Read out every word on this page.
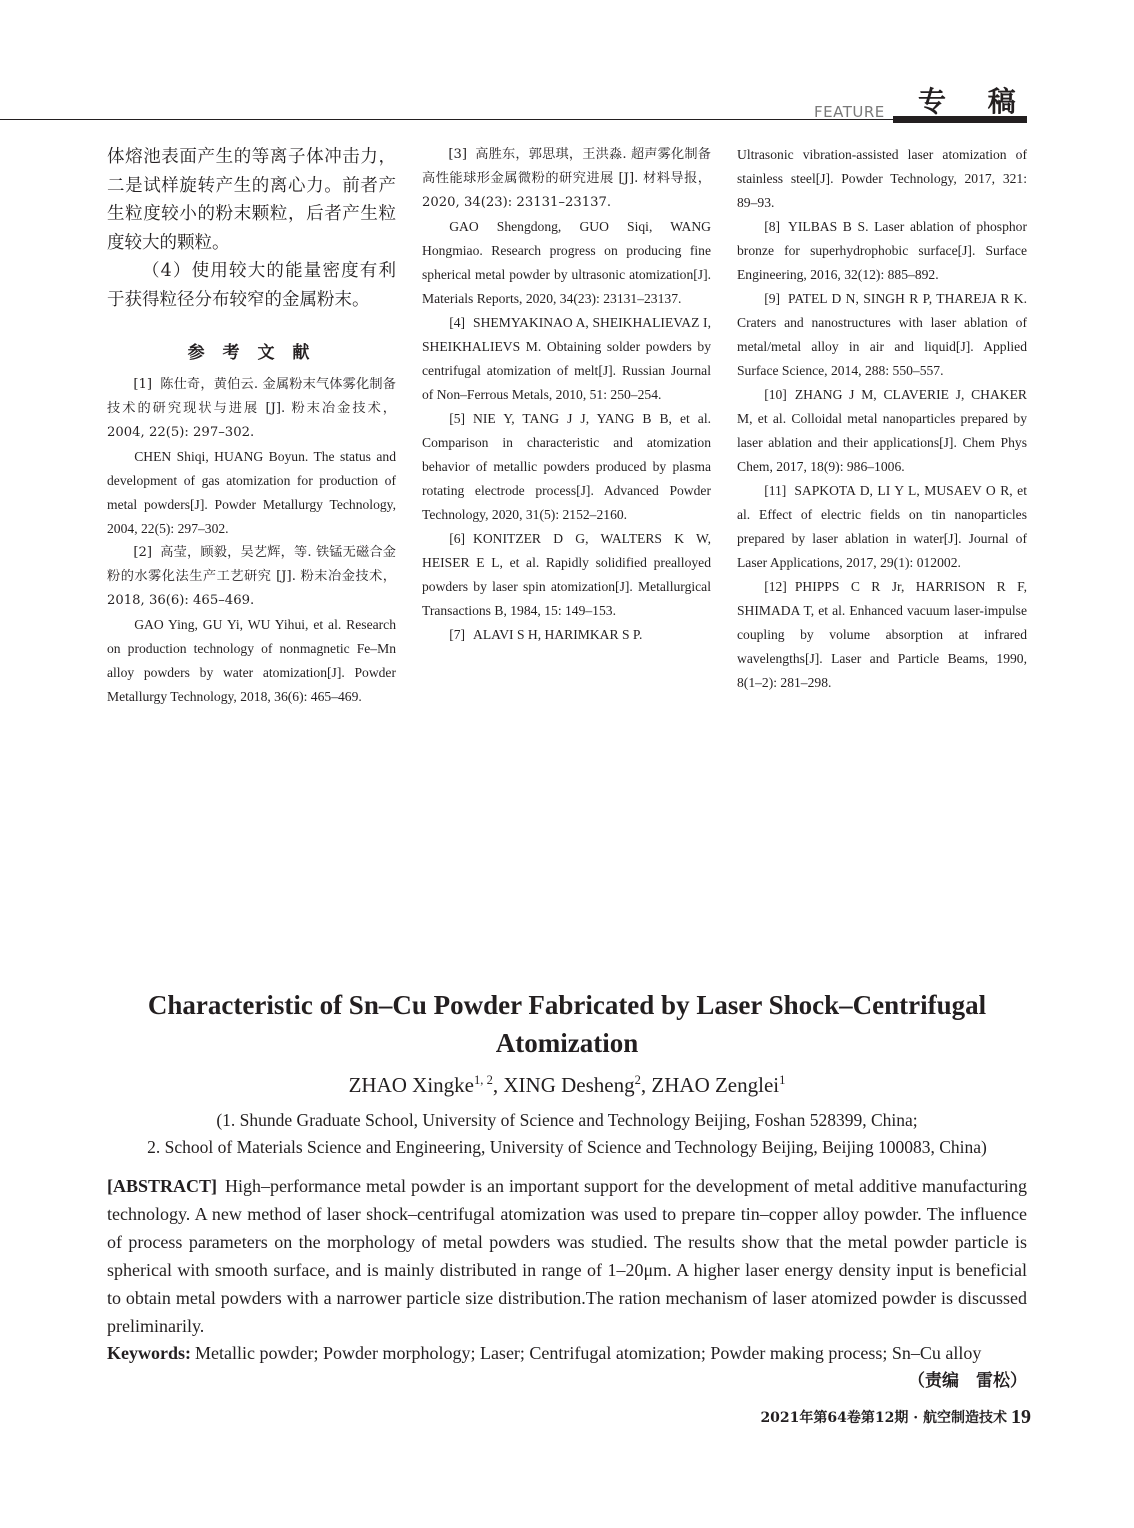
FEATURE 专 稿

体熔池表面产生的等离子体冲击力，二是试样旋转产生的离心力。前者产生粒度较小的粉末颗粒，后者产生粒度较大的颗粒。

（4）使用较大的能量密度有利于获得粒径分布较窄的金属粉末。

参 考 文 献

[1] 陈仕奇，黄伯云. 金属粉末气体雾化制备技术的研究现状与进展 [J]. 粉末冶金技术，2004, 22(5): 297–302.

CHEN Shiqi, HUANG Boyun. The status and development of gas atomization for production of metal powders[J]. Powder Metallurgy Technology, 2004, 22(5): 297–302.

[2] 高莹，顾毅，吴艺辉，等. 铁锰无磁合金粉的水雾化法生产工艺研究 [J]. 粉末冶金技术，2018, 36(6): 465–469.

GAO Ying, GU Yi, WU Yihui, et al. Research on production technology of nonmagnetic Fe–Mn alloy powders by water atomization[J]. Powder Metallurgy Technology, 2018, 36(6): 465–469.

[3] 高胜东，郭思琪，王洪淼. 超声雾化制备高性能球形金属微粉的研究进展 [J]. 材料导报，2020, 34(23): 23131–23137.

GAO Shengdong, GUO Siqi, WANG Hongmiao. Research progress on producing fine spherical metal powder by ultrasonic atomization[J]. Materials Reports, 2020, 34(23): 23131–23137.

[4] SHEMYAKINAO A, SHEIKHALIEVAZ I, SHEIKHALIEVS M. Obtaining solder powders by centrifugal atomization of melt[J]. Russian Journal of Non–Ferrous Metals, 2010, 51: 250–254.

[5] NIE Y, TANG J J, YANG B B, et al. Comparison in characteristic and atomization behavior of metallic powders produced by plasma rotating electrode process[J]. Advanced Powder Technology, 2020, 31(5): 2152–2160.

[6] KONITZER D G, WALTERS K W, HEISER E L, et al. Rapidly solidified prealloyed powders by laser spin atomization[J]. Metallurgical Transactions B, 1984, 15: 149–153.

[7] ALAVI S H, HARIMKAR S P.

Ultrasonic vibration-assisted laser atomization of stainless steel[J]. Powder Technology, 2017, 321: 89–93.

[8] YILBAS B S. Laser ablation of phosphor bronze for superhydrophobic surface[J]. Surface Engineering, 2016, 32(12): 885–892.

[9] PATEL D N, SINGH R P, THAREJA R K. Craters and nanostructures with laser ablation of metal/metal alloy in air and liquid[J]. Applied Surface Science, 2014, 288: 550–557.

[10] ZHANG J M, CLAVERIE J, CHAKER M, et al. Colloidal metal nanoparticles prepared by laser ablation and their applications[J]. Chem Phys Chem, 2017, 18(9): 986–1006.

[11] SAPKOTA D, LI Y L, MUSAEV O R, et al. Effect of electric fields on tin nanoparticles prepared by laser ablation in water[J]. Journal of Laser Applications, 2017, 29(1): 012002.

[12] PHIPPS C R Jr, HARRISON R F, SHIMADA T, et al. Enhanced vacuum laser-impulse coupling by volume absorption at infrared wavelengths[J]. Laser and Particle Beams, 1990, 8(1–2): 281–298.

Characteristic of Sn–Cu Powder Fabricated by Laser Shock–Centrifugal
Atomization

ZHAO Xingke$^{1, 2}$, XING Desheng$^2$, ZHAO Zenglei$^1$

(1. Shunde Graduate School, University of Science and Technology Beijing, Foshan 528399, China;

2. School of Materials Science and Engineering, University of Science and Technology Beijing, Beijing 100083, China)

[ABSTRACT] High–performance metal powder is an important support for the development of metal additive manufacturing technology. A new method of laser shock–centrifugal atomization was used to prepare tin–copper alloy powder. The influence of process parameters on the morphology of metal powders was studied. The results show that the metal powder particle is spherical with smooth surface, and is mainly distributed in range of 1–20μm. A higher laser energy density input is beneficial to obtain metal powders with a narrower particle size distribution.The ration mechanism of laser atomized powder is discussed preliminarily.

Keywords: Metallic powder; Powder morphology; Laser; Centrifugal atomization; Powder making process; Sn–Cu alloy

（责编　雷松）
2021年第64卷第12期 · 航空制造技术 19
